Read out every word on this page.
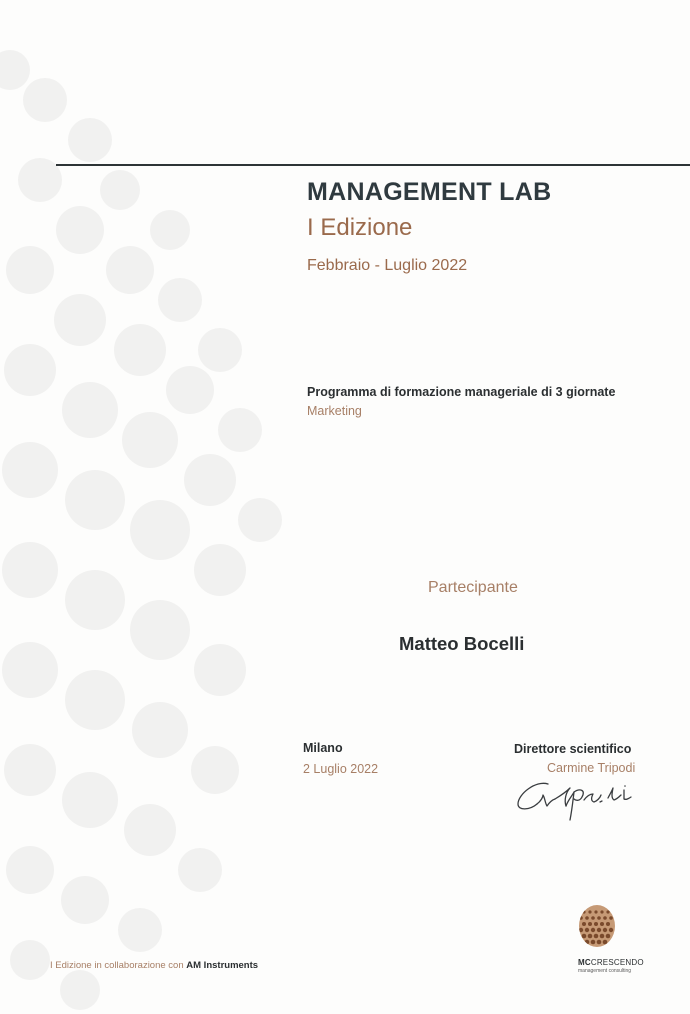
MANAGEMENT LAB
I Edizione
Febbraio - Luglio 2022
Programma di formazione manageriale di 3 giornate
Marketing
Partecipante
Matteo Bocelli
Milano
2 Luglio 2022
Direttore scientifico
Carmine Tripodi
MCCRESCENDO
management consulting
I Edizione in collaborazione con AM Instruments
